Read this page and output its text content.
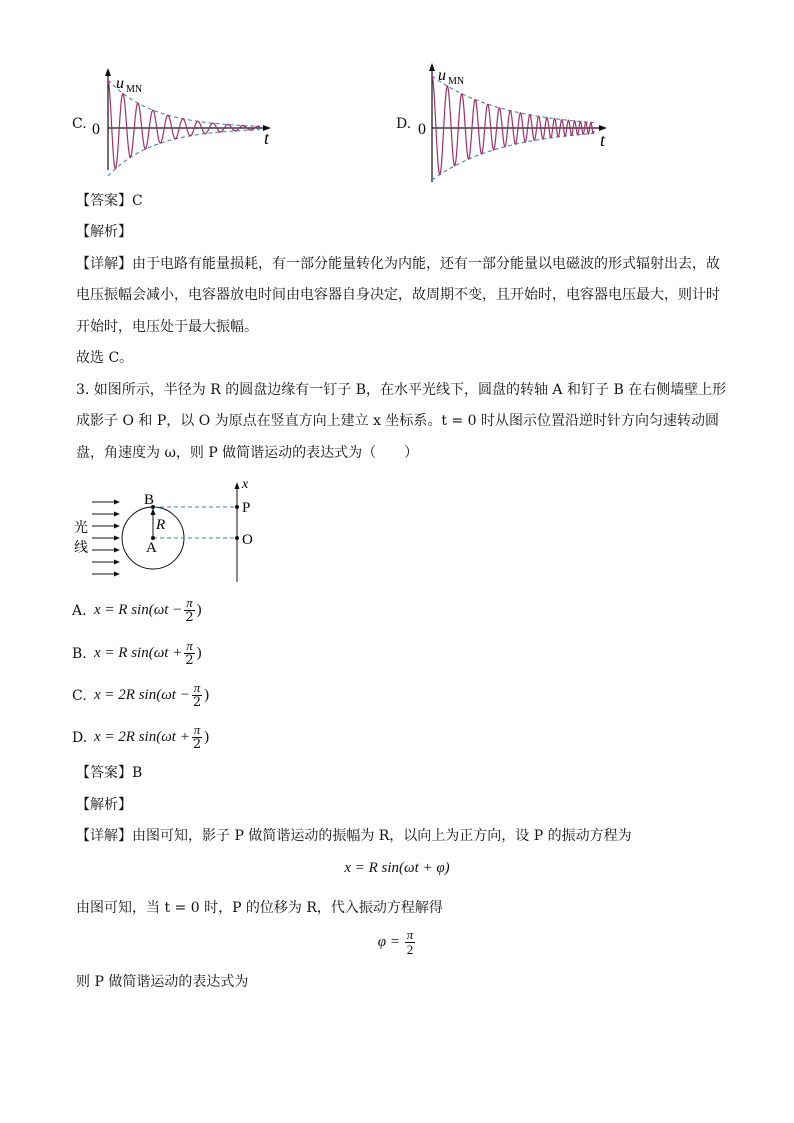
C.
u MN
0	t
D.
u MN
0
t
【答案】C
【解析】
【详解】由于电路有能量损耗，有一部分能量转化为内能，还有一部分能量以电磁波的形式辐射出去，故
电压振幅会减小，电容器放电时间由电容器自身决定，故周期不变，且开始时，电容器电压最大，则计时
开始时，电压处于最大振幅。
故选 C。
3. 如图所示，半径为 R 的圆盘边缘有一钉子 B，在水平光线下，圆盘的转轴 A 和钉子 B 在右侧墙壁上形
成影子 O 和 P，以 O 为原点在竖直方向上建立 x 坐标系。t = 0 时从图示位置沿逆时针方向匀速转动圆
盘，角速度为 ω，则 P 做简谐运动的表达式为（　　）
光
线
B
A
R
x
P
O
A. x = R $\sin(\omega t - \frac{\pi}{2}$ )
B. x = R $\sin(\omega t + \frac{\pi}{2}$ )
C. x = 2R $\sin(\omega t - \frac{\pi}{2}$ )
D. x = 2R $\sin(\omega t + \frac{\pi}{2}$ )
【答案】B
【解析】
【详解】由图可知，影子 P 做简谐运动的振幅为 R，以向上为正方向，设 P 的振动方程为
x = R sin(ωt + φ)
由图可知，当 t = 0 时，P 的位移为 R，代入振动方程解得
$\varphi = \frac{\pi}{2}$
则 P 做简谐运动的表达式为
